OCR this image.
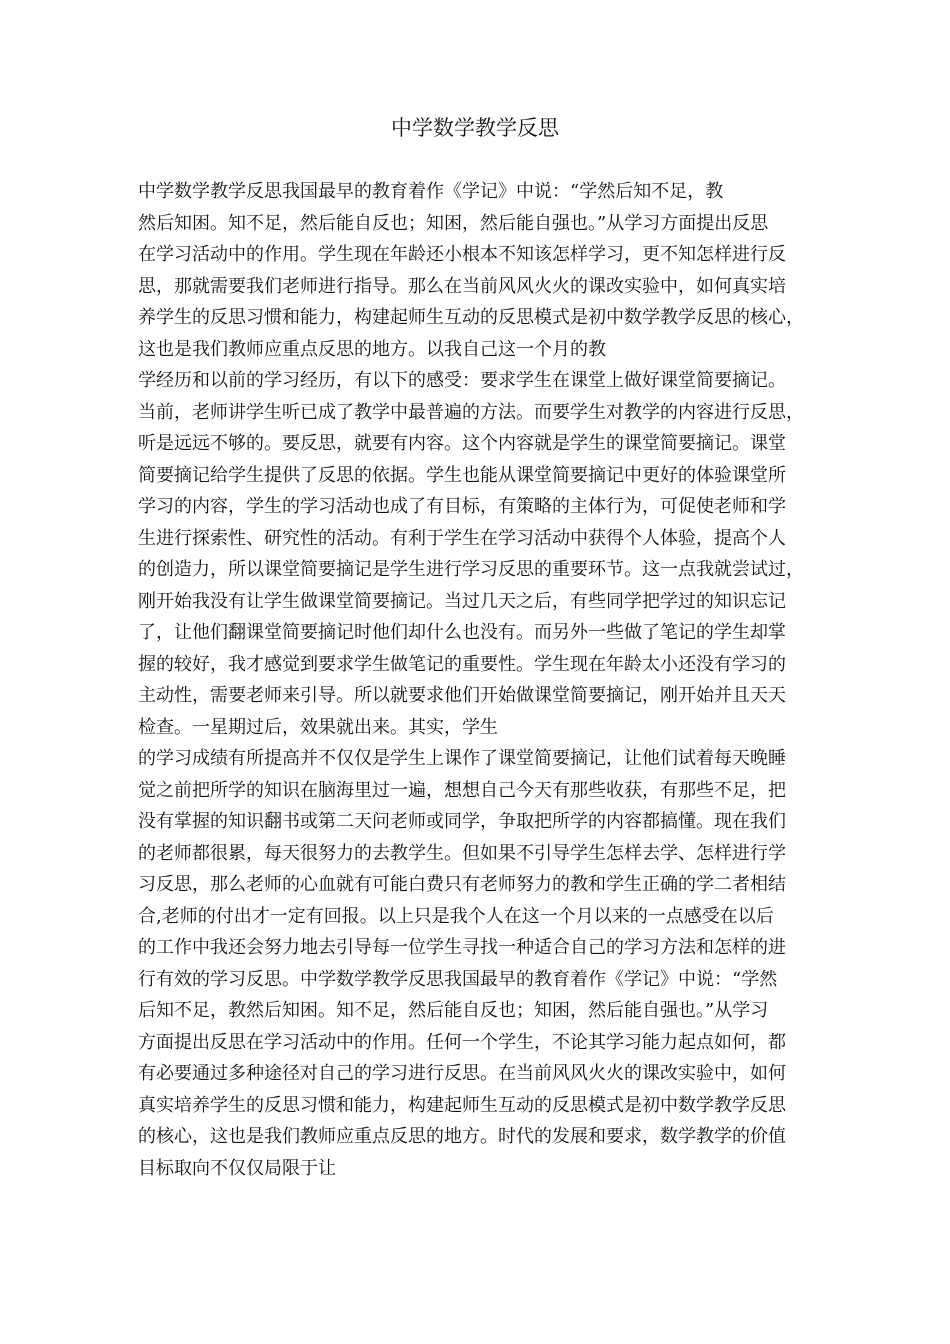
中学数学教学反思
中学数学教学反思我国最早的教育着作《学记》中说：“学然后知不足，教
然后知困。知不足，然后能自反也；知困，然后能自强也。”从学习方面提出反思
在学习活动中的作用。学生现在年龄还小根本不知该怎样学习，更不知怎样进行反
思，那就需要我们老师进行指导。那么在当前风风火火的课改实验中，如何真实培
养学生的反思习惯和能力，构建起师生互动的反思模式是初中数学教学反思的核心，
这也是我们教师应重点反思的地方。以我自己这一个月的教
学经历和以前的学习经历，有以下的感受：要求学生在课堂上做好课堂简要摘记。
当前，老师讲学生听已成了教学中最普遍的方法。而要学生对教学的内容进行反思，
听是远远不够的。要反思，就要有内容。这个内容就是学生的课堂简要摘记。课堂
简要摘记给学生提供了反思的依据。学生也能从课堂简要摘记中更好的体验课堂所
学习的内容，学生的学习活动也成了有目标，有策略的主体行为，可促使老师和学
生进行探索性、研究性的活动。有利于学生在学习活动中获得个人体验，提高个人
的创造力，所以课堂简要摘记是学生进行学习反思的重要环节。这一点我就尝试过，
刚开始我没有让学生做课堂简要摘记。当过几天之后，有些同学把学过的知识忘记
了，让他们翻课堂简要摘记时他们却什么也没有。而另外一些做了笔记的学生却掌
握的较好，我才感觉到要求学生做笔记的重要性。学生现在年龄太小还没有学习的
主动性，需要老师来引导。所以就要求他们开始做课堂简要摘记，刚开始并且天天
检查。一星期过后，效果就出来。其实，学生
的学习成绩有所提高并不仅仅是学生上课作了课堂简要摘记，让他们试着每天晚睡
觉之前把所学的知识在脑海里过一遍，想想自己今天有那些收获，有那些不足，把
没有掌握的知识翻书或第二天问老师或同学，争取把所学的内容都搞懂。现在我们
的老师都很累，每天很努力的去教学生。但如果不引导学生怎样去学、怎样进行学
习反思，那么老师的心血就有可能白费只有老师努力的教和学生正确的学二者相结
合,老师的付出才一定有回报。以上只是我个人在这一个月以来的一点感受在以后
的工作中我还会努力地去引导每一位学生寻找一种适合自己的学习方法和怎样的进
行有效的学习反思。中学数学教学反思我国最早的教育着作《学记》中说：“学然
后知不足，教然后知困。知不足，然后能自反也；知困，然后能自强也。”从学习
方面提出反思在学习活动中的作用。任何一个学生，不论其学习能力起点如何，都
有必要通过多种途径对自己的学习进行反思。在当前风风火火的课改实验中，如何
真实培养学生的反思习惯和能力，构建起师生互动的反思模式是初中数学教学反思
的核心，这也是我们教师应重点反思的地方。时代的发展和要求，数学教学的价值
目标取向不仅仅局限于让
